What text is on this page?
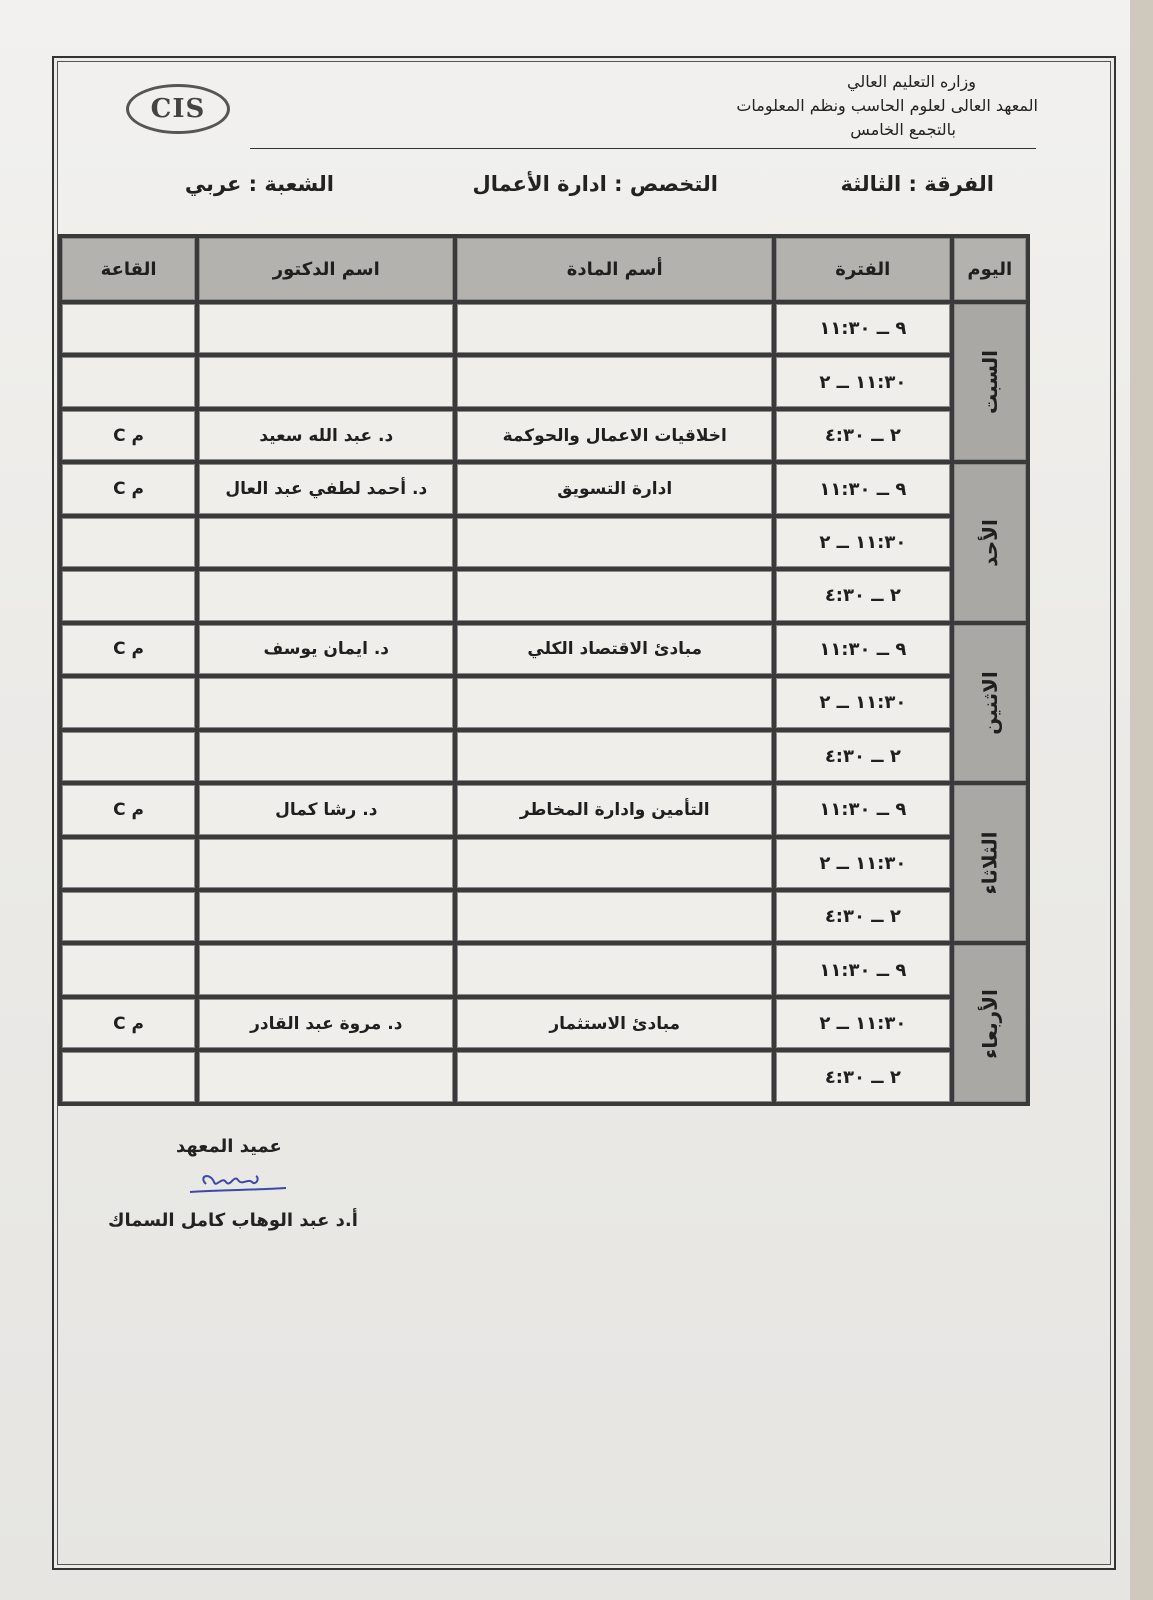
CIS
وزاره التعليم العالي
المعهد العالى لعلوم الحاسب ونظم المعلومات
بالتجمع الخامس
الفرقة : الثالثة
التخصص : ادارة الأعمال
الشعبة : عربي
اليوم	الفترة	أسم المادة	اسم الدكتور	القاعة
السبت	٩ ــ ١١:٣٠			
	١١:٣٠ ــ ٢			
	٢ ــ ٤:٣٠	اخلاقيات الاعمال والحوكمة	د. عبد الله سعيد	م C
الأحد	٩ ــ ١١:٣٠	ادارة التسويق	د. أحمد لطفي عبد العال	م C
	١١:٣٠ ــ ٢			
	٢ ــ ٤:٣٠			
الاثنين	٩ ــ ١١:٣٠	مبادئ الاقتصاد الكلي	د. ايمان يوسف	م C
	١١:٣٠ ــ ٢			
	٢ ــ ٤:٣٠			
الثلاثاء	٩ ــ ١١:٣٠	التأمين وادارة المخاطر	د. رشا كمال	م C
	١١:٣٠ ــ ٢			
	٢ ــ ٤:٣٠			
الأربعاء	٩ ــ ١١:٣٠			
	١١:٣٠ ــ ٢	مبادئ الاستثمار	د. مروة عبد القادر	م C
	٢ ــ ٤:٣٠			
عميد المعهد
أ.د عبد الوهاب كامل السماك
